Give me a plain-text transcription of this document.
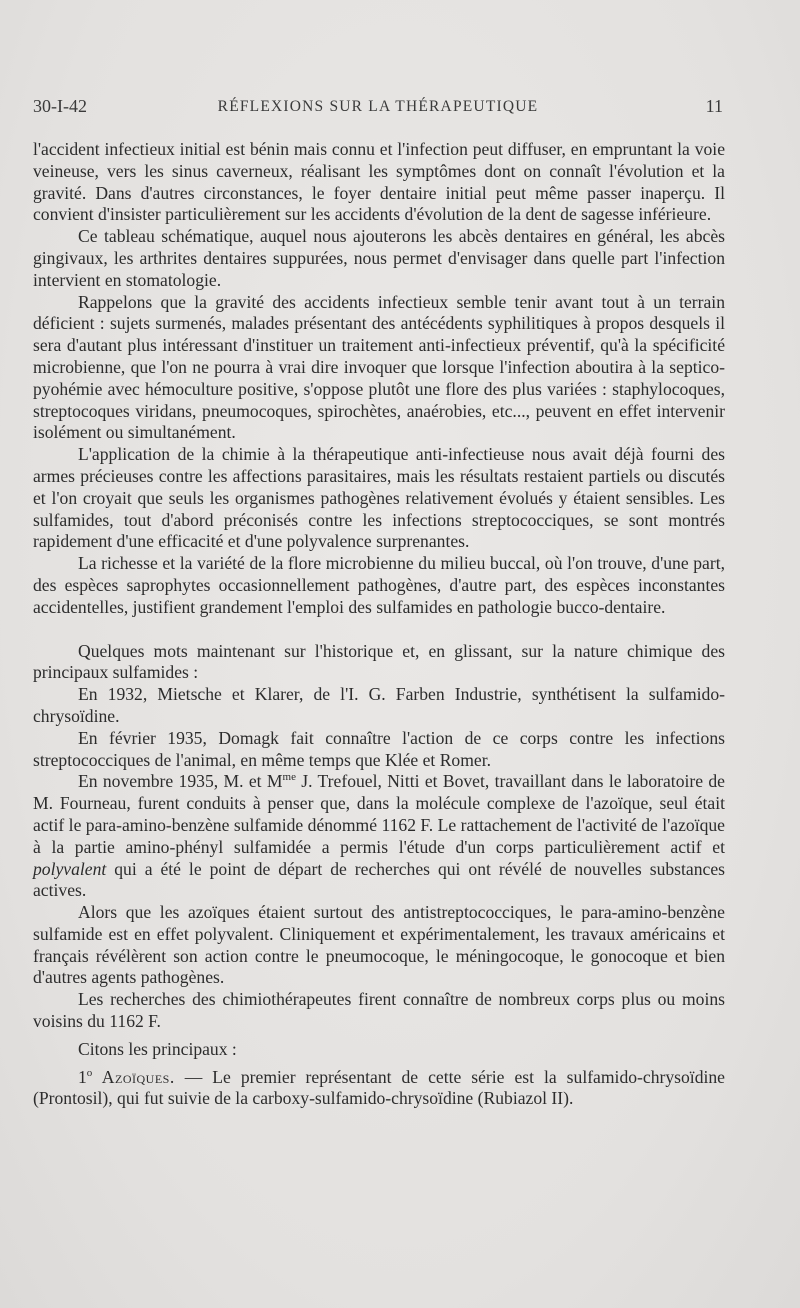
30-I-42	RÉFLEXIONS SUR LA THÉRAPEUTIQUE	11

l'accident infectieux initial est bénin mais connu et l'infection peut diffuser, en empruntant la voie veineuse, vers les sinus caverneux, réalisant les symptômes dont on connaît l'évolution et la gravité. Dans d'autres circonstances, le foyer dentaire initial peut même passer inaperçu. Il convient d'insister particulièrement sur les accidents d'évolution de la dent de sagesse inférieure.

Ce tableau schématique, auquel nous ajouterons les abcès dentaires en général, les abcès gingivaux, les arthrites dentaires suppurées, nous permet d'envisager dans quelle part l'infection intervient en stomatologie.

Rappelons que la gravité des accidents infectieux semble tenir avant tout à un terrain déficient : sujets surmenés, malades présentant des antécédents syphilitiques à propos desquels il sera d'autant plus intéressant d'instituer un traitement anti-infectieux préventif, qu'à la spécificité microbienne, que l'on ne pourra à vrai dire invoquer que lorsque l'infection aboutira à la septico-pyohémie avec hémoculture positive, s'oppose plutôt une flore des plus variées : staphylocoques, streptocoques viridans, pneumocoques, spirochètes, anaérobies, etc..., peuvent en effet intervenir isolément ou simultanément.

L'application de la chimie à la thérapeutique anti-infectieuse nous avait déjà fourni des armes précieuses contre les affections parasitaires, mais les résultats restaient partiels ou discutés et l'on croyait que seuls les organismes pathogènes relativement évolués y étaient sensibles. Les sulfamides, tout d'abord préconisés contre les infections streptococciques, se sont montrés rapidement d'une efficacité et d'une polyvalence surprenantes.

La richesse et la variété de la flore microbienne du milieu buccal, où l'on trouve, d'une part, des espèces saprophytes occasionnellement pathogènes, d'autre part, des espèces inconstantes accidentelles, justifient grandement l'emploi des sulfamides en pathologie bucco-dentaire.

Quelques mots maintenant sur l'historique et, en glissant, sur la nature chimique des principaux sulfamides :

En 1932, Mietsche et Klarer, de l'I. G. Farben Industrie, synthétisent la sulfamido-chrysoïdine.

En février 1935, Domagk fait connaître l'action de ce corps contre les infections streptococciques de l'animal, en même temps que Klée et Romer.

En novembre 1935, M. et $M^{me}$ J. Trefouel, Nitti et Bovet, travaillant dans le laboratoire de M. Fourneau, furent conduits à penser que, dans la molécule complexe de l'azoïque, seul était actif le para-amino-benzène sulfamide dénommé 1162 F. Le rattachement de l'activité de l'azoïque à la partie amino-phényl sulfamidée a permis l'étude d'un corps particulièrement actif et polyvalent qui a été le point de départ de recherches qui ont révélé de nouvelles substances actives.

Alors que les azoïques étaient surtout des antistreptococciques, le para-amino-benzène sulfamide est en effet polyvalent. Cliniquement et expérimentalement, les travaux américains et français révélèrent son action contre le pneumocoque, le méningocoque, le gonocoque et bien d'autres agents pathogènes.

Les recherches des chimiothérapeutes firent connaître de nombreux corps plus ou moins voisins du 1162 F.

Citons les principaux :

1$^o$ Azoïques. — Le premier représentant de cette série est la sulfamido-chrysoïdine (Prontosil), qui fut suivie de la carboxy-sulfamido-chrysoïdine (Rubiazol II).
